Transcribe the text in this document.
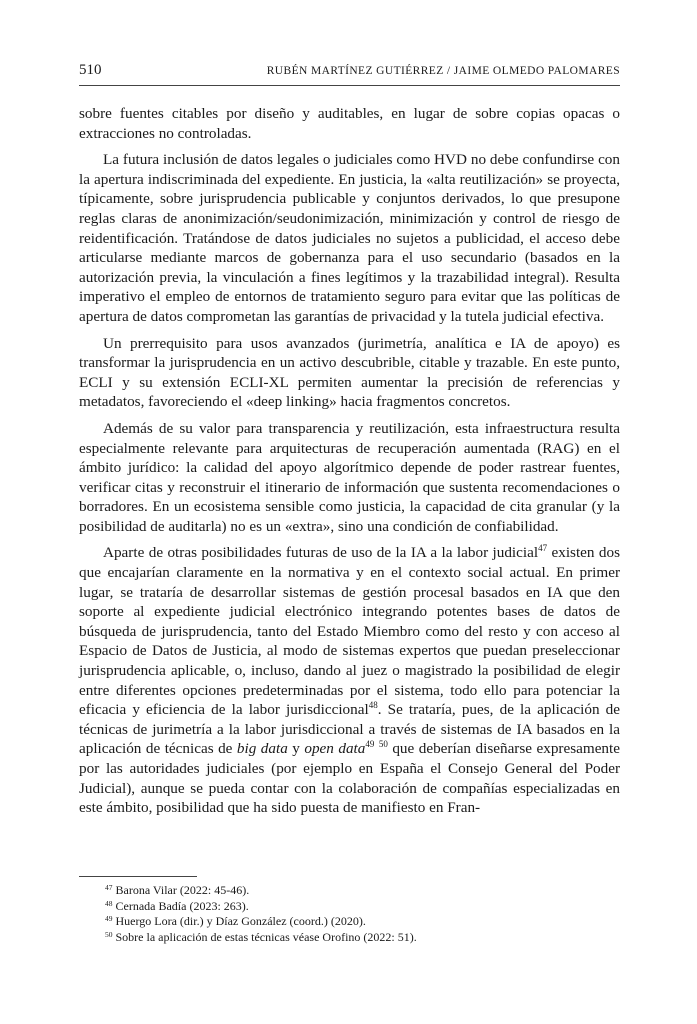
510	RUBÉN MARTÍNEZ GUTIÉRREZ / JAIME OLMEDO PALOMARES

sobre fuentes citables por diseño y auditables, en lugar de sobre copias opacas o extracciones no controladas.

La futura inclusión de datos legales o judiciales como HVD no debe confundirse con la apertura indiscriminada del expediente. En justicia, la «alta reutilización» se proyecta, típicamente, sobre jurisprudencia publicable y conjuntos derivados, lo que presupone reglas claras de anonimización/seudonimización, minimización y control de riesgo de reidentificación. Tratándose de datos judiciales no sujetos a publicidad, el acceso debe articularse mediante marcos de gobernanza para el uso secundario (basados en la autorización previa, la vinculación a fines legítimos y la trazabilidad integral). Resulta imperativo el empleo de entornos de tratamiento seguro para evitar que las políticas de apertura de datos comprometan las garantías de privacidad y la tutela judicial efectiva.

Un prerrequisito para usos avanzados (jurimetría, analítica e IA de apoyo) es transformar la jurisprudencia en un activo descubrible, citable y trazable. En este punto, ECLI y su extensión ECLI-XL permiten aumentar la precisión de referencias y metadatos, favoreciendo el «deep linking» hacia fragmentos concretos.

Además de su valor para transparencia y reutilización, esta infraestructura resulta especialmente relevante para arquitecturas de recuperación aumentada (RAG) en el ámbito jurídico: la calidad del apoyo algorítmico depende de poder rastrear fuentes, verificar citas y reconstruir el itinerario de información que sustenta recomendaciones o borradores. En un ecosistema sensible como justicia, la capacidad de cita granular (y la posibilidad de auditarla) no es un «extra», sino una condición de confiabilidad.

Aparte de otras posibilidades futuras de uso de la IA a la labor judicial$^{47}$ existen dos que encajarían claramente en la normativa y en el contexto social actual. En primer lugar, se trataría de desarrollar sistemas de gestión procesal basados en IA que den soporte al expediente judicial electrónico integrando potentes bases de datos de búsqueda de jurisprudencia, tanto del Estado Miembro como del resto y con acceso al Espacio de Datos de Justicia, al modo de sistemas expertos que puedan preseleccionar jurisprudencia aplicable, o, incluso, dando al juez o magistrado la posibilidad de elegir entre diferentes opciones predeterminadas por el sistema, todo ello para potenciar la eficacia y eficiencia de la labor jurisdiccional$^{48}$. Se trataría, pues, de la aplicación de técnicas de jurimetría a la labor jurisdiccional a través de sistemas de IA basados en la aplicación de técnicas de big data y open data$^{49}$ $^{50}$ que deberían diseñarse expresamente por las autoridades judiciales (por ejemplo en España el Consejo General del Poder Judicial), aunque se pueda contar con la colaboración de compañías especializadas en este ámbito, posibilidad que ha sido puesta de manifiesto en Fran-

$^{47}$ Barona Vilar (2022: 45-46).
$^{48}$ Cernada Badía (2023: 263).
$^{49}$ Huergo Lora (dir.) y Díaz González (coord.) (2020).
$^{50}$ Sobre la aplicación de estas técnicas véase Orofino (2022: 51).
